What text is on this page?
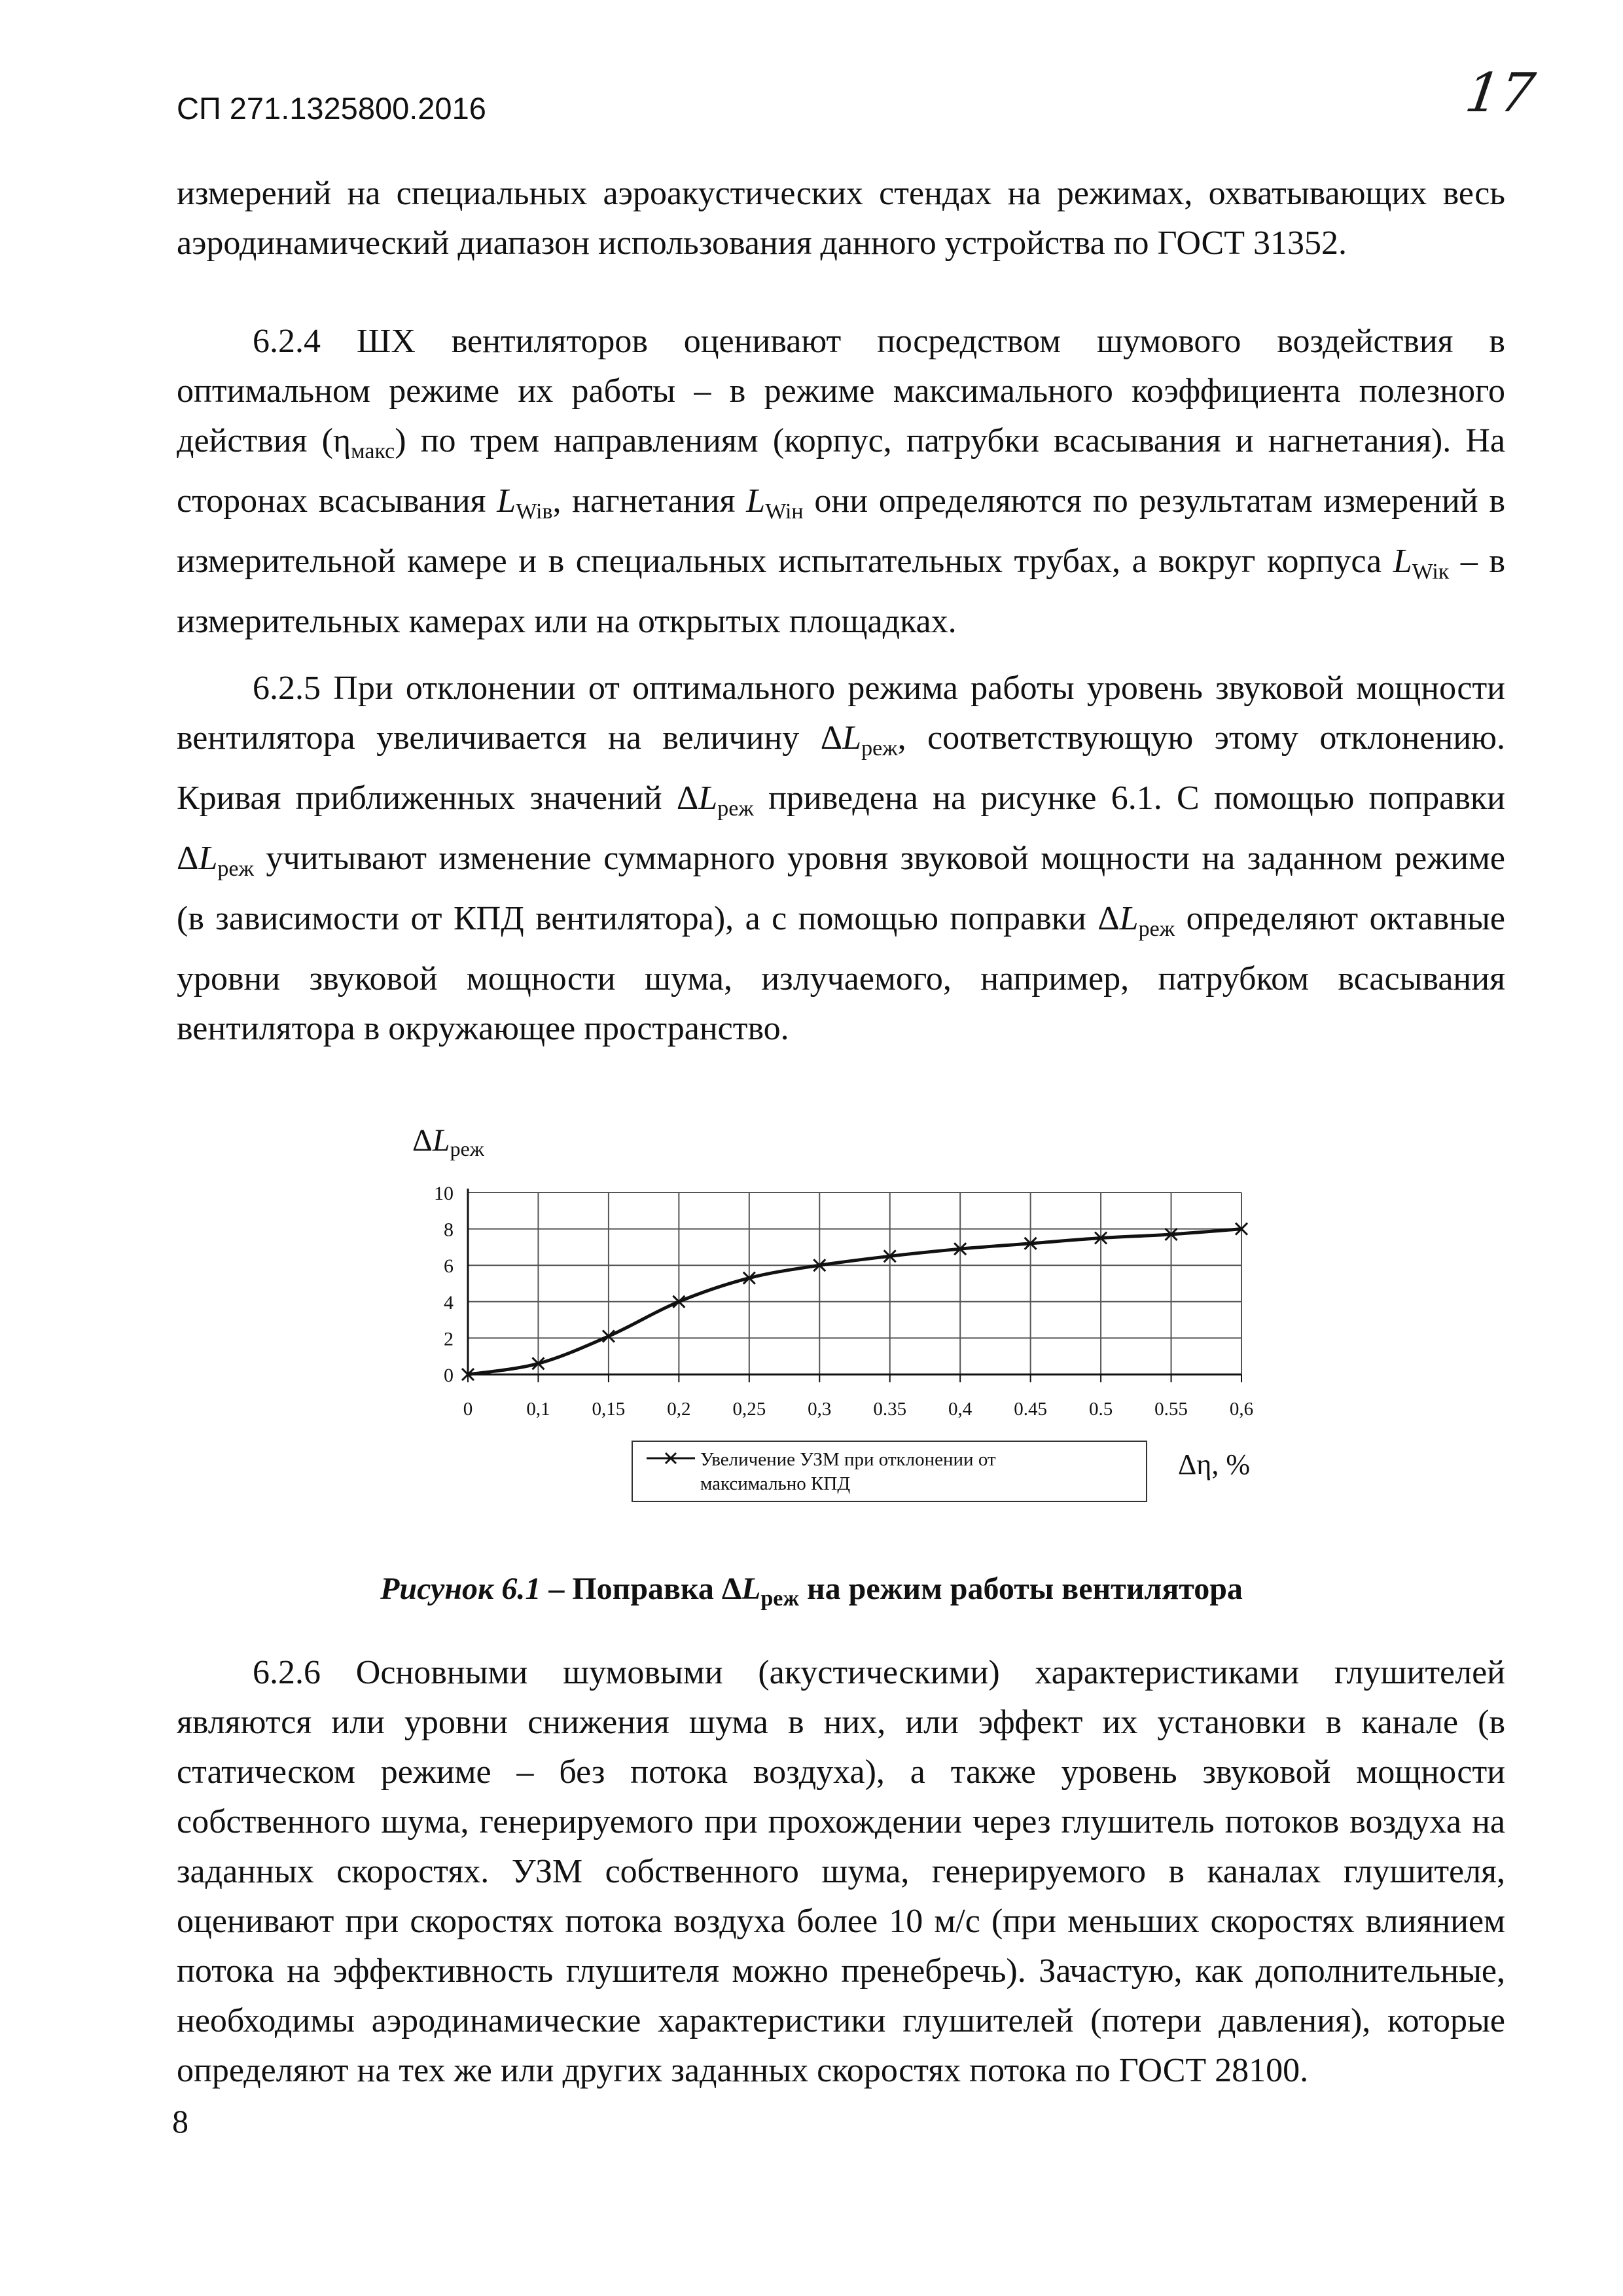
СП 271.1325800.2016	17

измерений на специальных аэроакустических стендах на режимах, охватывающих весь аэродинамический диапазон использования данного устройства по ГОСТ 31352.

6.2.4 ШХ вентиляторов оценивают посредством шумового воздействия в оптимальном режиме их работы – в режиме максимального коэффициента полезного действия $(\eta_{макс})$ по трем направлениям (корпус, патрубки всасывания и нагнетания). На сторонах всасывания $L_{Wiв}$, нагнетания $L_{Wiн}$ они определяются по результатам измерений в измерительной камере и в специальных испытательных трубах, а вокруг корпуса $L_{Wiк}$ – в измерительных камерах или на открытых площадках.

6.2.5 При отклонении от оптимального режима работы уровень звуковой мощности вентилятора увеличивается на величину $\Delta L_{реж}$, соответствующую этому отклонению. Кривая приближенных значений $\Delta L_{реж}$ приведена на рисунке 6.1. С помощью поправки $\Delta L_{реж}$ учитывают изменение суммарного уровня звуковой мощности на заданном режиме (в зависимости от КПД вентилятора), а с помощью поправки $\Delta L_{реж}$ определяют октавные уровни звуковой мощности шума, излучаемого, например, патрубком всасывания вентилятора в окружающее пространство.

0
2
4
6
8
10
0	0,1 0,15 0,2 0,25 0,3 0.35 0,4 0.45 0.5 0.55 0,6
ΔLреж
Δη, %
Увеличение УЗМ при отклонении от
максимально КПД
Рисунок 6.1 – Поправка $\Delta L_{реж}$ на режим работы вентилятора

6.2.6 Основными шумовыми (акустическими) характеристиками глушителей являются или уровни снижения шума в них, или эффект их установки в канале (в статическом режиме – без потока воздуха), а также уровень звуковой мощности собственного шума, генерируемого при прохождении через глушитель потоков воздуха на заданных скоростях. УЗМ собственного шума, генерируемого в каналах глушителя, оценивают при скоростях потока воздуха более 10 м/с (при меньших скоростях влиянием потока на эффективность глушителя можно пренебречь). Зачастую, как дополнительные, необходимы аэродинамические характеристики глушителей (потери давления), которые определяют на тех же или других заданных скоростях потока по ГОСТ 28100.

8
